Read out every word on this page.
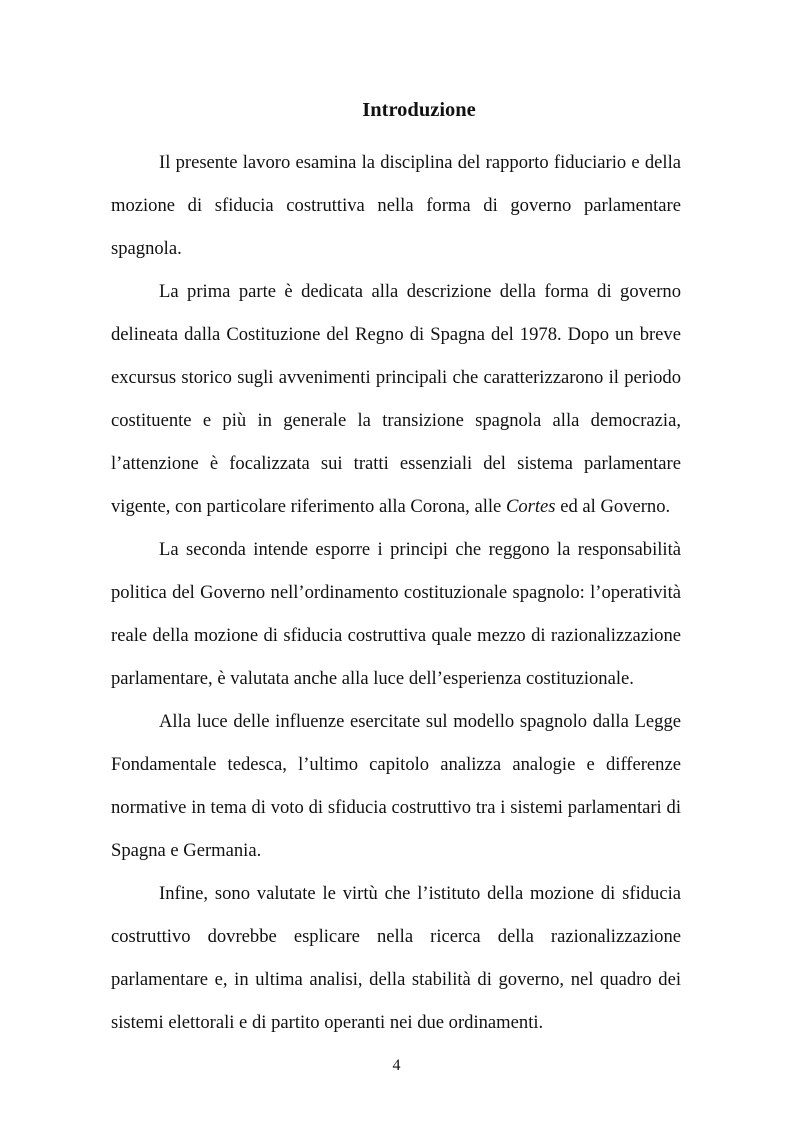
Introduzione

Il presente lavoro esamina la disciplina del rapporto fiduciario e della mozione di sfiducia costruttiva nella forma di governo parlamentare spagnola.

La prima parte è dedicata alla descrizione della forma di governo delineata dalla Costituzione del Regno di Spagna del 1978. Dopo un breve excursus storico sugli avvenimenti principali che caratterizzarono il periodo costituente e più in generale la transizione spagnola alla democrazia, l’attenzione è focalizzata sui tratti essenziali del sistema parlamentare vigente, con particolare riferimento alla Corona, alle Cortes ed al Governo.

La seconda intende esporre i principi che reggono la responsabilità politica del Governo nell’ordinamento costituzionale spagnolo: l’operatività reale della mozione di sfiducia costruttiva quale mezzo di razionalizzazione parlamentare, è valutata anche alla luce dell’esperienza costituzionale.

Alla luce delle influenze esercitate sul modello spagnolo dalla Legge Fondamentale tedesca, l’ultimo capitolo analizza analogie e differenze normative in tema di voto di sfiducia costruttivo tra i sistemi parlamentari di Spagna e Germania.

Infine, sono valutate le virtù che l’istituto della mozione di sfiducia costruttivo dovrebbe esplicare nella ricerca della razionalizzazione parlamentare e, in ultima analisi, della stabilità di governo, nel quadro dei sistemi elettorali e di partito operanti nei due ordinamenti.

4
